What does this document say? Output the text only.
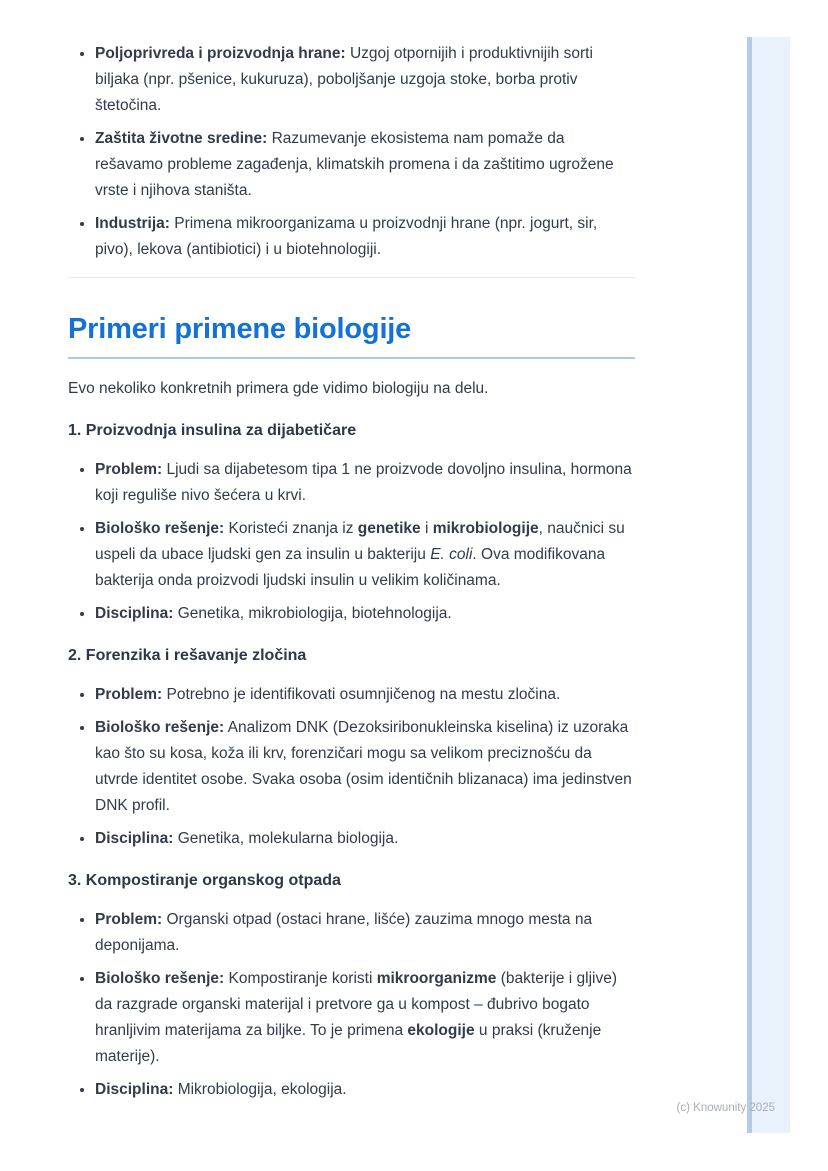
• Poljoprivreda i proizvodnja hrane: Uzgoj otpornijih i produktivnijih sorti biljaka (npr. pšenice, kukuruza), poboljšanje uzgoja stoke, borba protiv štetočina.
• Zaštita životne sredine: Razumevanje ekosistema nam pomaže da rešavamo probleme zagađenja, klimatskih promena i da zaštitimo ugrožene vrste i njihova staništa.
• Industrija: Primena mikroorganizama u proizvodnji hrane (npr. jogurt, sir, pivo), lekova (antibiotici) i u biotehnologiji.
Primeri primene biologije

Evo nekoliko konkretnih primera gde vidimo biologiju na delu.

1. Proizvodnja insulina za dijabetičare
• Problem: Ljudi sa dijabetesom tipa 1 ne proizvode dovoljno insulina, hormona koji reguliše nivo šećera u krvi.
• Biološko rešenje: Koristeći znanja iz genetike i mikrobiologije, naučnici su uspeli da ubace ljudski gen za insulin u bakteriju E. coli. Ova modifikovana bakterija onda proizvodi ljudski insulin u velikim količinama.
• Disciplina: Genetika, mikrobiologija, biotehnologija.
2. Forenzika i rešavanje zločina
• Problem: Potrebno je identifikovati osumnjičenog na mestu zločina.
• Biološko rešenje: Analizom DNK (Dezoksiribonukleinska kiselina) iz uzoraka kao što su kosa, koža ili krv, forenzičari mogu sa velikom preciznošću da utvrde identitet osobe. Svaka osoba (osim identičnih blizanaca) ima jedinstven DNK profil.
• Disciplina: Genetika, molekularna biologija.
3. Kompostiranje organskog otpada
• Problem: Organski otpad (ostaci hrane, lišće) zauzima mnogo mesta na deponijama.
• Biološko rešenje: Kompostiranje koristi mikroorganizme (bakterije i gljive) da razgrade organski materijal i pretvore ga u kompost – đubrivo bogato hranljivim materijama za biljke. To je primena ekologije u praksi (kruženje materije).
• Disciplina: Mikrobiologija, ekologija.
(c) Knowunity 2025
